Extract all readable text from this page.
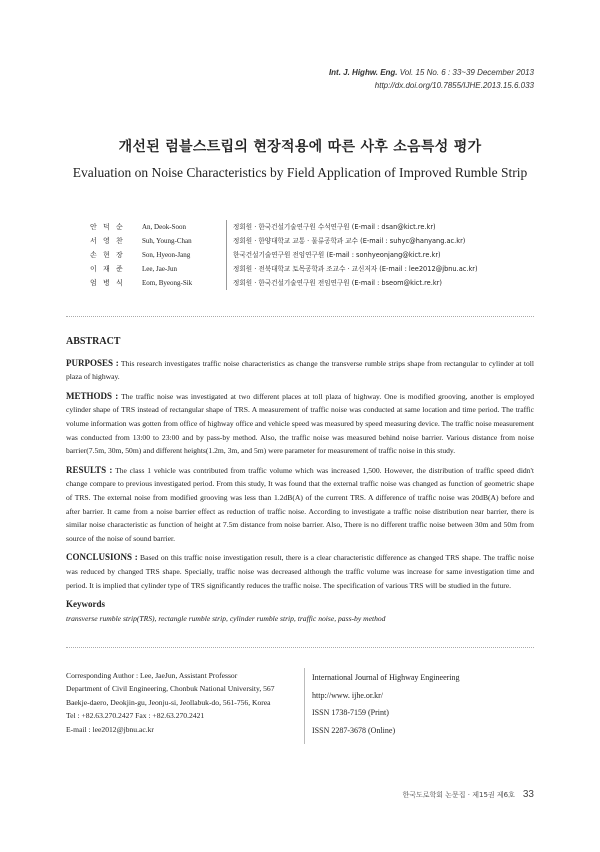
Int. J. Highw. Eng. Vol. 15 No. 6 : 33~39 December 2013
http://dx.doi.org/10.7855/IJHE.2013.15.6.033
개선된 럼블스트립의 현장적용에 따른 사후 소음특성 평가
Evaluation on Noise Characteristics by Field Application of Improved Rumble Strip
안 덕 순	An, Deok-Soon	정회원 · 한국건설기술연구원 수석연구원 (E-mail : dsan@kict.re.kr)
서 영 찬	Suh, Young-Chan	정회원 · 한양대학교 교통 · 물류공학과 교수 (E-mail : suhyc@hanyang.ac.kr)
손 현 장	Son, Hyeon-Jang	한국건설기술연구원 전임연구원 (E-mail : sonhyeonjang@kict.re.kr)
이 재 준	Lee, Jae-Jun	정회원 · 전북대학교 토목공학과 조교수 · 교신저자 (E-mail : lee2012@jbnu.ac.kr)
엄 병 식	Eom, Byeong-Sik	정회원 · 한국건설기술연구원 전임연구원 (E-mail : bseom@kict.re.kr)
ABSTRACT

PURPOSES : This research investigates traffic noise characteristics as change the transverse rumble strips shape from rectangular to cylinder at toll plaza of highway.

METHODS : The traffic noise was investigated at two different places at toll plaza of highway. One is modified grooving, another is employed cylinder shape of TRS instead of rectangular shape of TRS. A measurement of traffic noise was conducted at same location and time period. The traffic volume information was gotten from office of highway office and vehicle speed was measured by speed measuring device. The traffic noise measurement was conducted from 13:00 to 23:00 and by pass-by method. Also, the traffic noise was measured behind noise barrier. Various distance from noise barrier(7.5m, 30m, 50m) and different heights(1.2m, 3m, and 5m) were parameter for measurement of traffic noise in this study.

RESULTS : The class 1 vehicle was contributed from traffic volume which was increased 1,500. However, the distribution of traffic speed didn't change compare to previous investigated period. From this study, It was found that the external traffic noise was changed as function of geometric shape of TRS. The external noise from modified grooving was less than 1.2dB(A) of the current TRS. A difference of traffic noise was 20dB(A) before and after barrier. It came from a noise barrier effect as reduction of traffic noise. According to investigate a traffic noise distribution near barrier, there is similar noise characteristic as function of height at 7.5m distance from noise barrier. Also, There is no different traffic noise between 30m and 50m from source of the noise of sound barrier.

CONCLUSIONS : Based on this traffic noise investigation result, there is a clear characteristic difference as changed TRS shape. The traffic noise was reduced by changed TRS shape. Specially, traffic noise was decreased although the traffic volume was increase for same investigation time and period. It is implied that cylinder type of TRS significantly reduces the traffic noise. The specification of various TRS will be studied in the future.

Keywords
transverse rumble strip(TRS), rectangle rumble strip, cylinder rumble strip, traffic noise, pass-by method
Corresponding Author : Lee, JaeJun, Assistant Professor
Department of Civil Engineering, Chonbuk National University, 567
Baekje-daero, Deokjin-gu, Jeonju-si, Jeollabuk-do, 561-756, Korea
Tel : +82.63.270.2427 Fax : +82.63.270.2421
E-mail : lee2012@jbnu.ac.kr
International Journal of Highway Engineering
http://www. ijhe.or.kr/
ISSN 1738-7159 (Print)
ISSN 2287-3678 (Online)
한국도로학회 논문집 · 제15권 제6호 33
